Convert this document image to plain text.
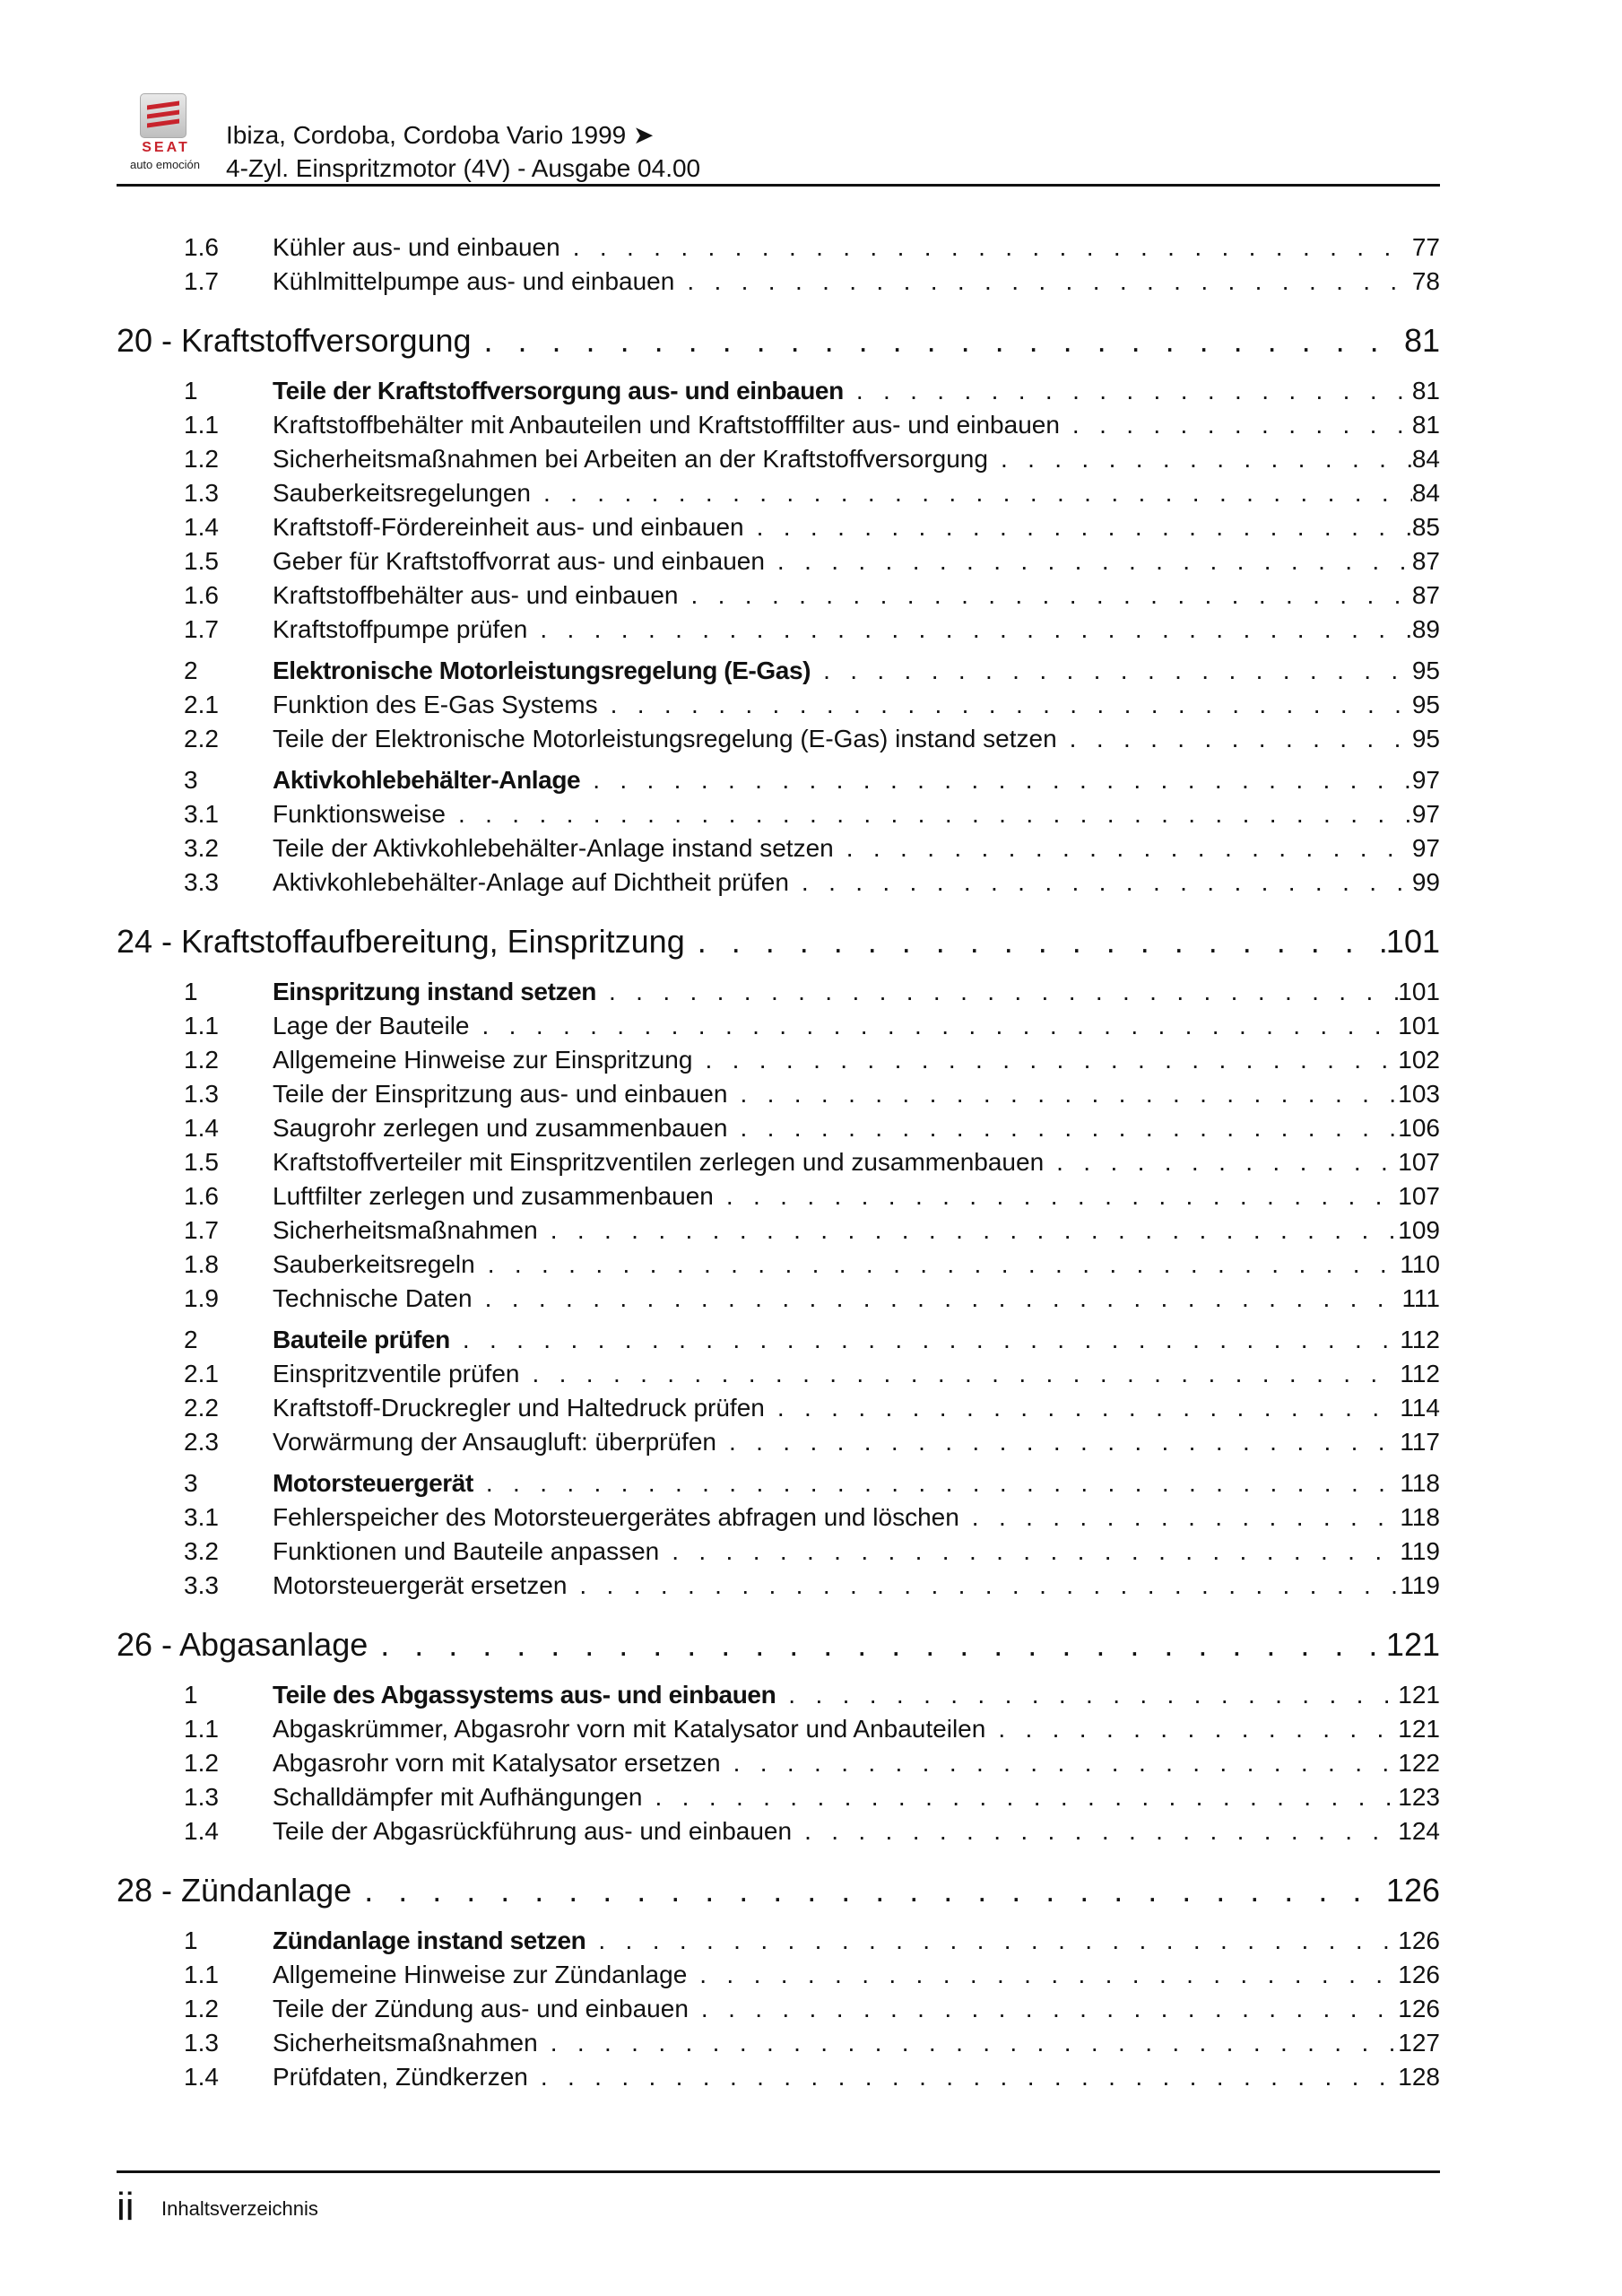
SEAT
auto emoción
Ibiza, Cordoba, Cordoba Vario 1999 ➤
4-Zyl. Einspritzmotor (4V) - Ausgabe 04.00
1.6	Kühler aus- und einbauen . . .	77
1.7	Kühlmittelpumpe aus- und einbauen . . .	78
20 - Kraftstoffversorgung . . .	81
1	Teile der Kraftstoffversorgung aus- und einbauen . . .	81
1.1	Kraftstoffbehälter mit Anbauteilen und Kraftstofffilter aus- und einbauen . . .	81
1.2	Sicherheitsmaßnahmen bei Arbeiten an der Kraftstoffversorgung . . .	84
1.3	Sauberkeitsregelungen . . .	84
1.4	Kraftstoff-Fördereinheit aus- und einbauen . . .	85
1.5	Geber für Kraftstoffvorrat aus- und einbauen . . .	87
1.6	Kraftstoffbehälter aus- und einbauen . . .	87
1.7	Kraftstoffpumpe prüfen . . .	89
2	Elektronische Motorleistungsregelung (E-Gas) . . .	95
2.1	Funktion des E-Gas Systems . . .	95
2.2	Teile der Elektronische Motorleistungsregelung (E-Gas) instand setzen . . .	95
3	Aktivkohlebehälter-Anlage . . .	97
3.1	Funktionsweise . . .	97
3.2	Teile der Aktivkohlebehälter-Anlage instand setzen . . .	97
3.3	Aktivkohlebehälter-Anlage auf Dichtheit prüfen . . .	99
24 - Kraftstoffaufbereitung, Einspritzung . . .	101
1	Einspritzung instand setzen . . .	101
1.1	Lage der Bauteile . . .	101
1.2	Allgemeine Hinweise zur Einspritzung . . .	102
1.3	Teile der Einspritzung aus- und einbauen . . .	103
1.4	Saugrohr zerlegen und zusammenbauen . . .	106
1.5	Kraftstoffverteiler mit Einspritzventilen zerlegen und zusammenbauen . . .	107
1.6	Luftfilter zerlegen und zusammenbauen . . .	107
1.7	Sicherheitsmaßnahmen . . .	109
1.8	Sauberkeitsregeln . . .	110
1.9	Technische Daten . . .	111
2	Bauteile prüfen . . .	112
2.1	Einspritzventile prüfen . . .	112
2.2	Kraftstoff-Druckregler und Haltedruck prüfen . . .	114
2.3	Vorwärmung der Ansaugluft: überprüfen . . .	117
3	Motorsteuergerät . . .	118
3.1	Fehlerspeicher des Motorsteuergerätes abfragen und löschen . . .	118
3.2	Funktionen und Bauteile anpassen . . .	119
3.3	Motorsteuergerät ersetzen . . .	119
26 - Abgasanlage . . .	121
1	Teile des Abgassystems aus- und einbauen . . .	121
1.1	Abgaskrümmer, Abgasrohr vorn mit Katalysator und Anbauteilen . . .	121
1.2	Abgasrohr vorn mit Katalysator ersetzen . . .	122
1.3	Schalldämpfer mit Aufhängungen . . .	123
1.4	Teile der Abgasrückführung aus- und einbauen . . .	124
28 - Zündanlage . . .	126
1	Zündanlage instand setzen . . .	126
1.1	Allgemeine Hinweise zur Zündanlage . . .	126
1.2	Teile der Zündung aus- und einbauen . . .	126
1.3	Sicherheitsmaßnahmen . . .	127
1.4	Prüfdaten, Zündkerzen . . .	128
ii Inhaltsverzeichnis
